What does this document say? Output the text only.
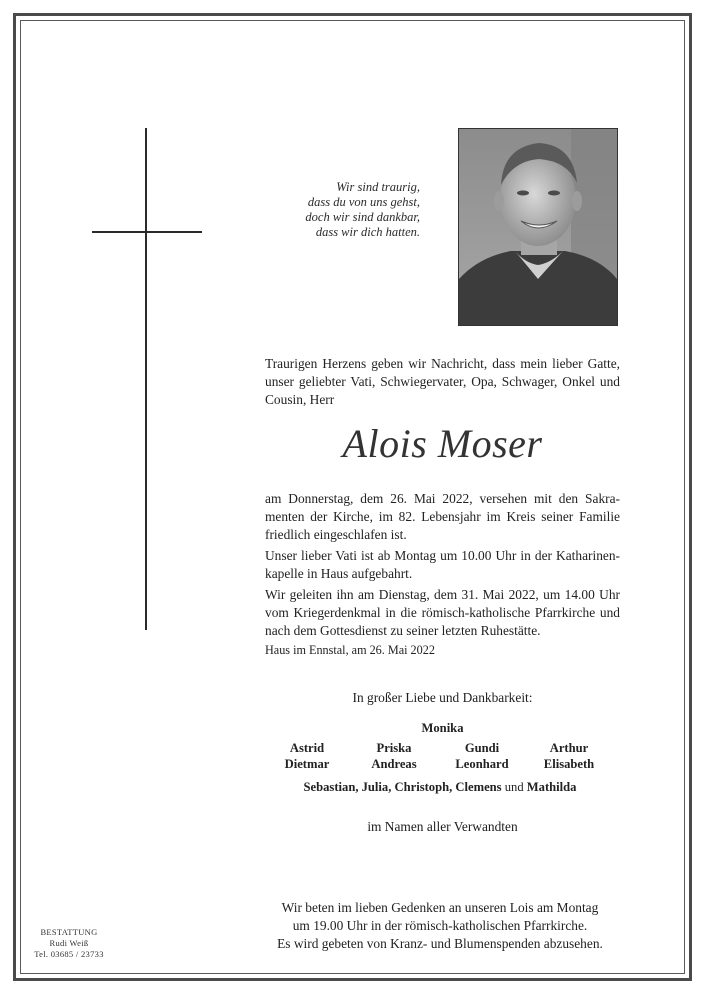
Wir sind traurig,
dass du von uns gehst,
doch wir sind dankbar,
dass wir dich hatten.
Traurigen Herzens geben wir Nachricht, dass mein lieber Gatte,
unser geliebter Vati, Schwiegervater, Opa, Schwager, Onkel und
Cousin, Herr
Alois Moser
am Donnerstag, dem 26. Mai 2022, versehen mit den Sakra-
menten der Kirche, im 82. Lebensjahr im Kreis seiner Familie
friedlich eingeschlafen ist.
Unser lieber Vati ist ab Montag um 10.00 Uhr in der Katharinen-
kapelle in Haus aufgebahrt.
Wir geleiten ihn am Dienstag, dem 31. Mai 2022, um 14.00 Uhr
vom Kriegerdenkmal in die römisch-katholische Pfarrkirche und
nach dem Gottesdienst zu seiner letzten Ruhestätte.
Haus im Ennstal, am 26. Mai 2022
In großer Liebe und Dankbarkeit:
Monika
Astrid
Dietmar
Priska
Andreas
Gundi
Leonhard
Arthur
Elisabeth
Sebastian, Julia, Christoph, Clemens und Mathilda
im Namen aller Verwandten
Wir beten im lieben Gedenken an unseren Lois am Montag
um 19.00 Uhr in der römisch-katholischen Pfarrkirche.
Es wird gebeten von Kranz- und Blumenspenden abzusehen.
BESTATTUNG
Rudi Weiß
Tel. 03685 / 23733
